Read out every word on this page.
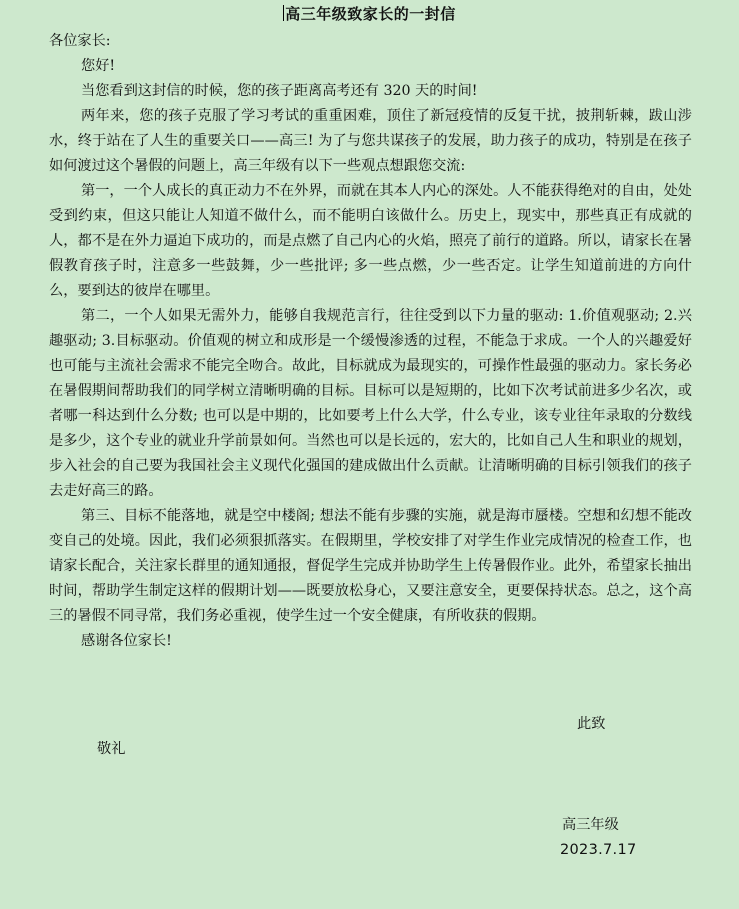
高三年级致家长的一封信

各位家长:

您好!

当您看到这封信的时候，您的孩子距离高考还有 320 天的时间!

两年来，您的孩子克服了学习考试的重重困难，顶住了新冠疫情的反复干扰，披荆斩棘，跋山涉水，终于站在了人生的重要关口——高三! 为了与您共谋孩子的发展，助力孩子的成功，特别是在孩子如何渡过这个暑假的问题上，高三年级有以下一些观点想跟您交流:

第一，一个人成长的真正动力不在外界，而就在其本人内心的深处。人不能获得绝对的自由，处处受到约束，但这只能让人知道不做什么，而不能明白该做什么。历史上，现实中，那些真正有成就的人，都不是在外力逼迫下成功的，而是点燃了自己内心的火焰，照亮了前行的道路。所以，请家长在暑假教育孩子时，注意多一些鼓舞，少一些批评; 多一些点燃，少一些否定。让学生知道前进的方向什么，要到达的彼岸在哪里。

第二，一个人如果无需外力，能够自我规范言行，往往受到以下力量的驱动: 1.价值观驱动; 2.兴趣驱动; 3.目标驱动。价值观的树立和成形是一个缓慢渗透的过程，不能急于求成。一个人的兴趣爱好也可能与主流社会需求不能完全吻合。故此，目标就成为最现实的，可操作性最强的驱动力。家长务必在暑假期间帮助我们的同学树立清晰明确的目标。目标可以是短期的，比如下次考试前进多少名次，或者哪一科达到什么分数; 也可以是中期的，比如要考上什么大学，什么专业，该专业往年录取的分数线是多少，这个专业的就业升学前景如何。当然也可以是长远的，宏大的，比如自己人生和职业的规划，步入社会的自己要为我国社会主义现代化强国的建成做出什么贡献。让清晰明确的目标引领我们的孩子去走好高三的路。

第三、目标不能落地，就是空中楼阁; 想法不能有步骤的实施，就是海市蜃楼。空想和幻想不能改变自己的处境。因此，我们必须狠抓落实。在假期里，学校安排了对学生作业完成情况的检查工作，也请家长配合，关注家长群里的通知通报，督促学生完成并协助学生上传暑假作业。此外，希望家长抽出时间，帮助学生制定这样的假期计划——既要放松身心，又要注意安全，更要保持状态。总之，这个高三的暑假不同寻常，我们务必重视，使学生过一个安全健康，有所收获的假期。

感谢各位家长!

此致
敬礼
高三年级
2023.7.17
